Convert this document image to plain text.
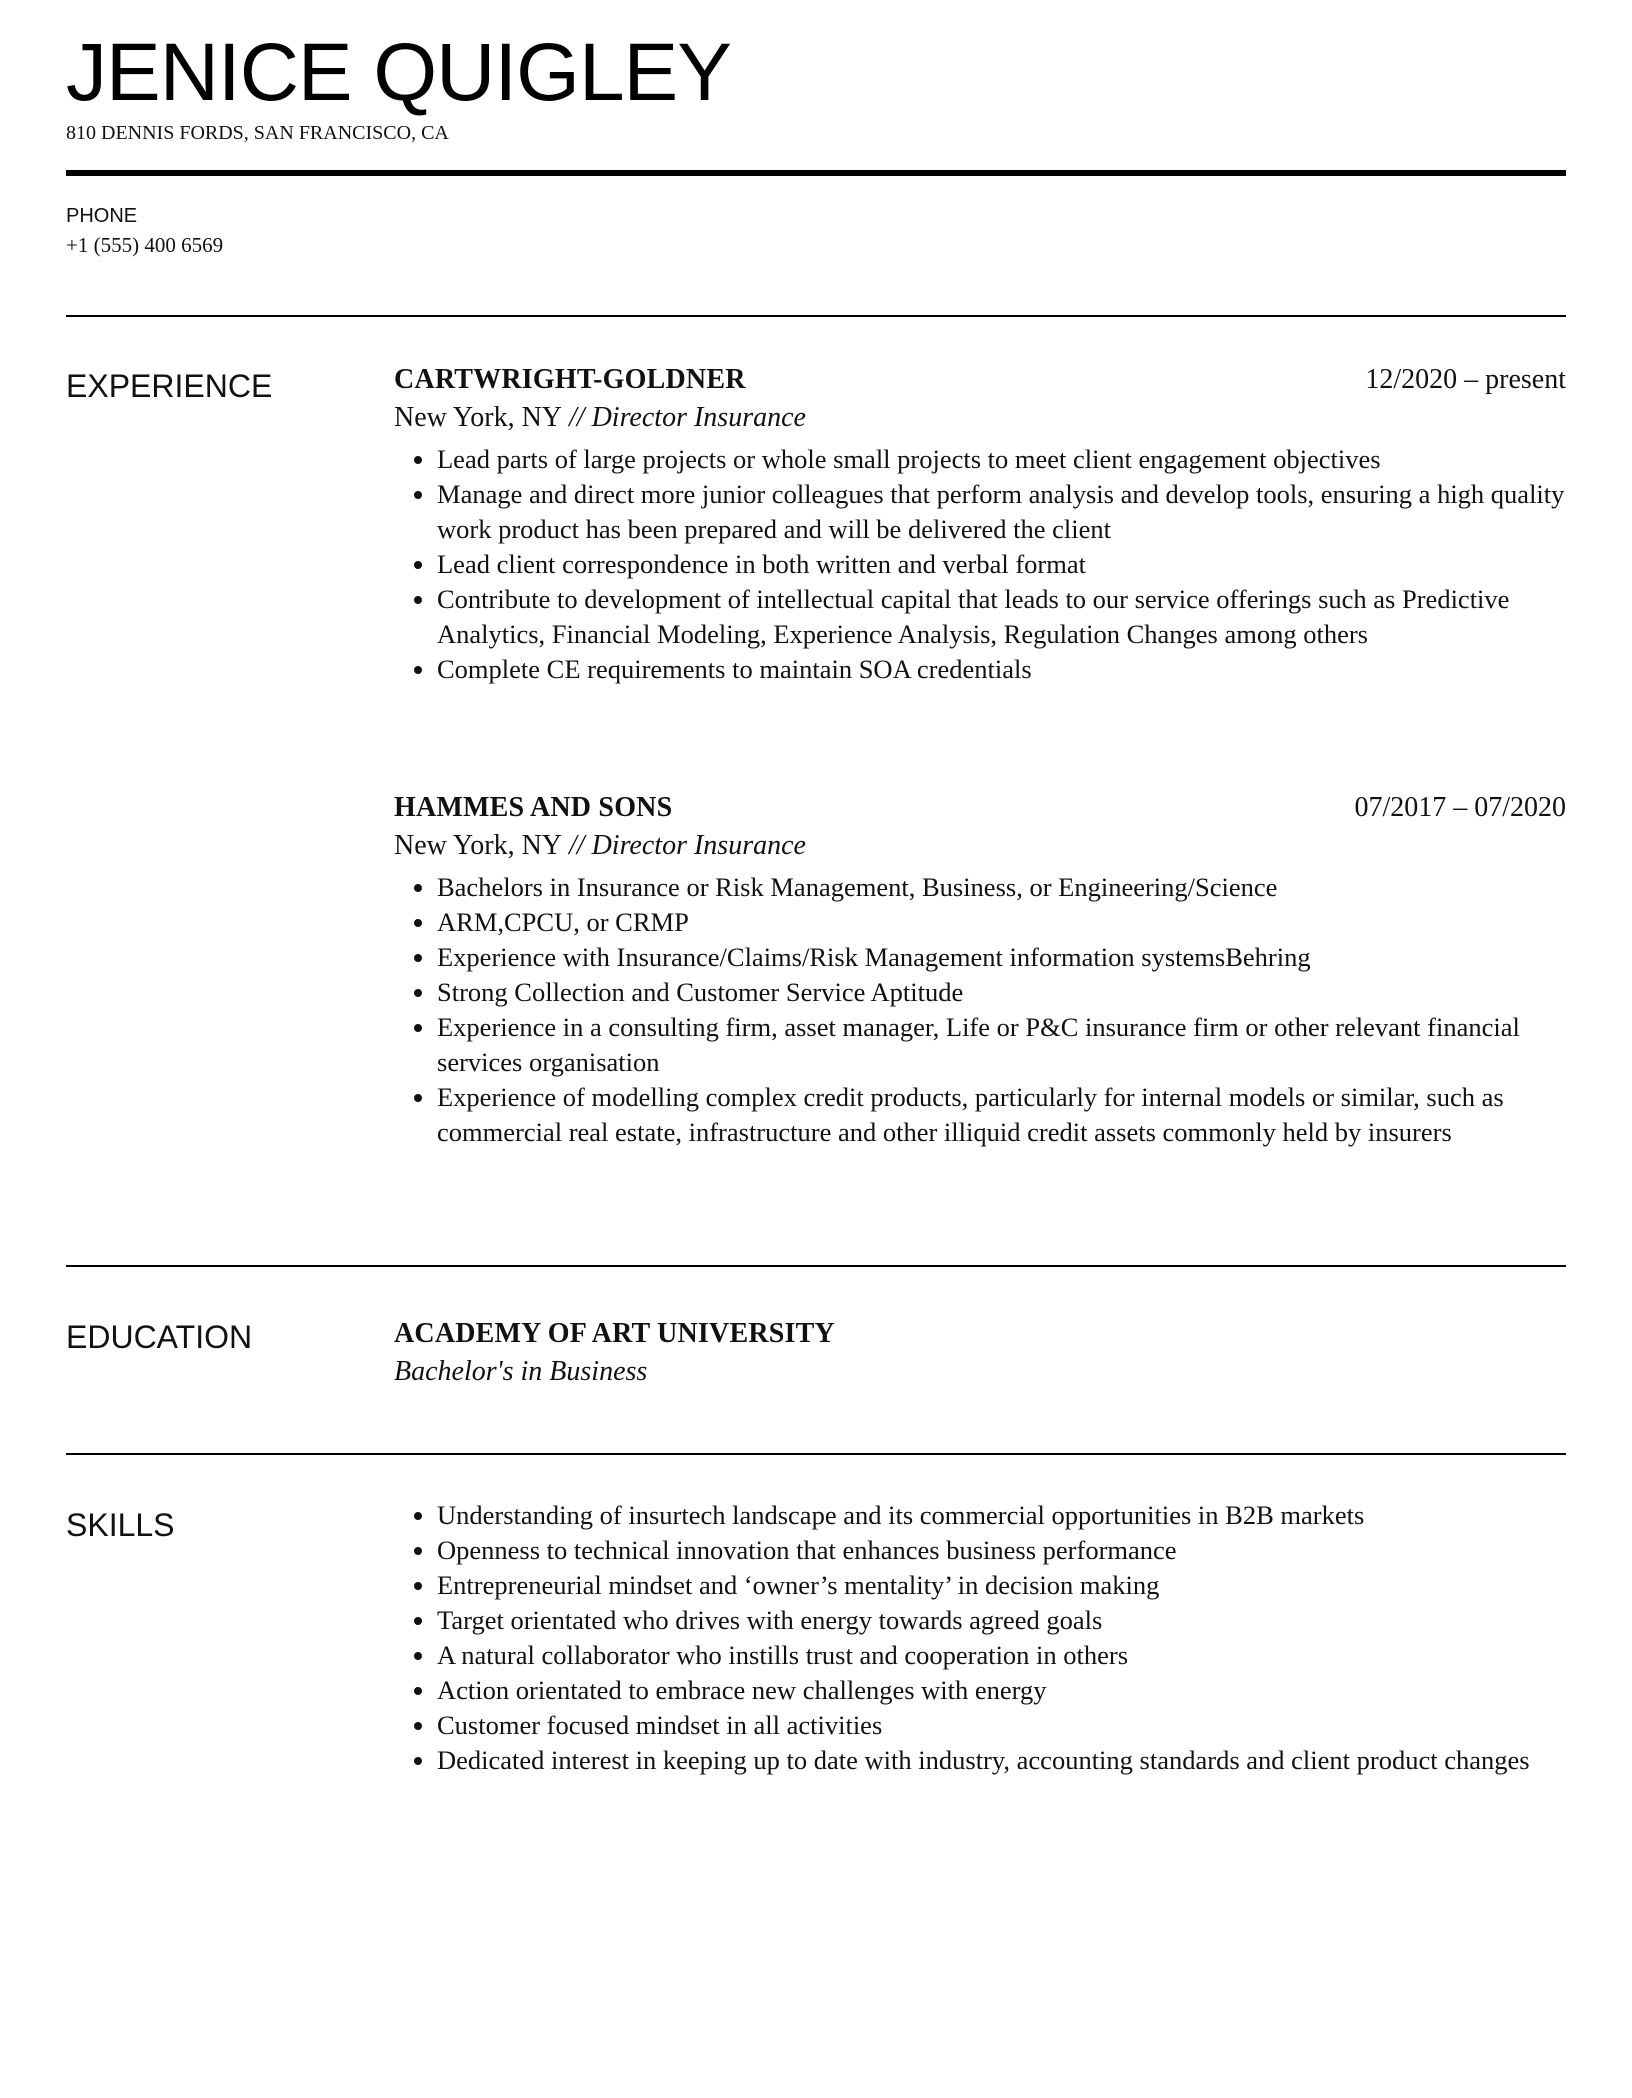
JENICE QUIGLEY
810 DENNIS FORDS, SAN FRANCISCO, CA
PHONE
+1 (555) 400 6569
EXPERIENCE	CARTWRIGHT-GOLDNER	12/2020 – present
New York, NY // Director Insurance
• Lead parts of large projects or whole small projects to meet client engagement objectives
• Manage and direct more junior colleagues that perform analysis and develop tools, ensuring a high quality work product has been prepared and will be delivered the client
• Lead client correspondence in both written and verbal format
• Contribute to development of intellectual capital that leads to our service offerings such as Predictive Analytics, Financial Modeling, Experience Analysis, Regulation Changes among others
• Complete CE requirements to maintain SOA credentials
HAMMES AND SONS	07/2017 – 07/2020
New York, NY // Director Insurance
• Bachelors in Insurance or Risk Management, Business, or Engineering/Science
• ARM,CPCU, or CRMP
• Experience with Insurance/Claims/Risk Management information systemsBehring
• Strong Collection and Customer Service Aptitude
• Experience in a consulting firm, asset manager, Life or P&C insurance firm or other relevant financial services organisation
• Experience of modelling complex credit products, particularly for internal models or similar, such as commercial real estate, infrastructure and other illiquid credit assets commonly held by insurers
EDUCATION	ACADEMY OF ART UNIVERSITY
Bachelor's in Business
SKILLS
•	Understanding of insurtech landscape and its commercial opportunities in B2B markets
• Openness to technical innovation that enhances business performance
• Entrepreneurial mindset and ‘owner’s mentality’ in decision making
• Target orientated who drives with energy towards agreed goals
• A natural collaborator who instills trust and cooperation in others
• Action orientated to embrace new challenges with energy
• Customer focused mindset in all activities
• Dedicated interest in keeping up to date with industry, accounting standards and client product changes
